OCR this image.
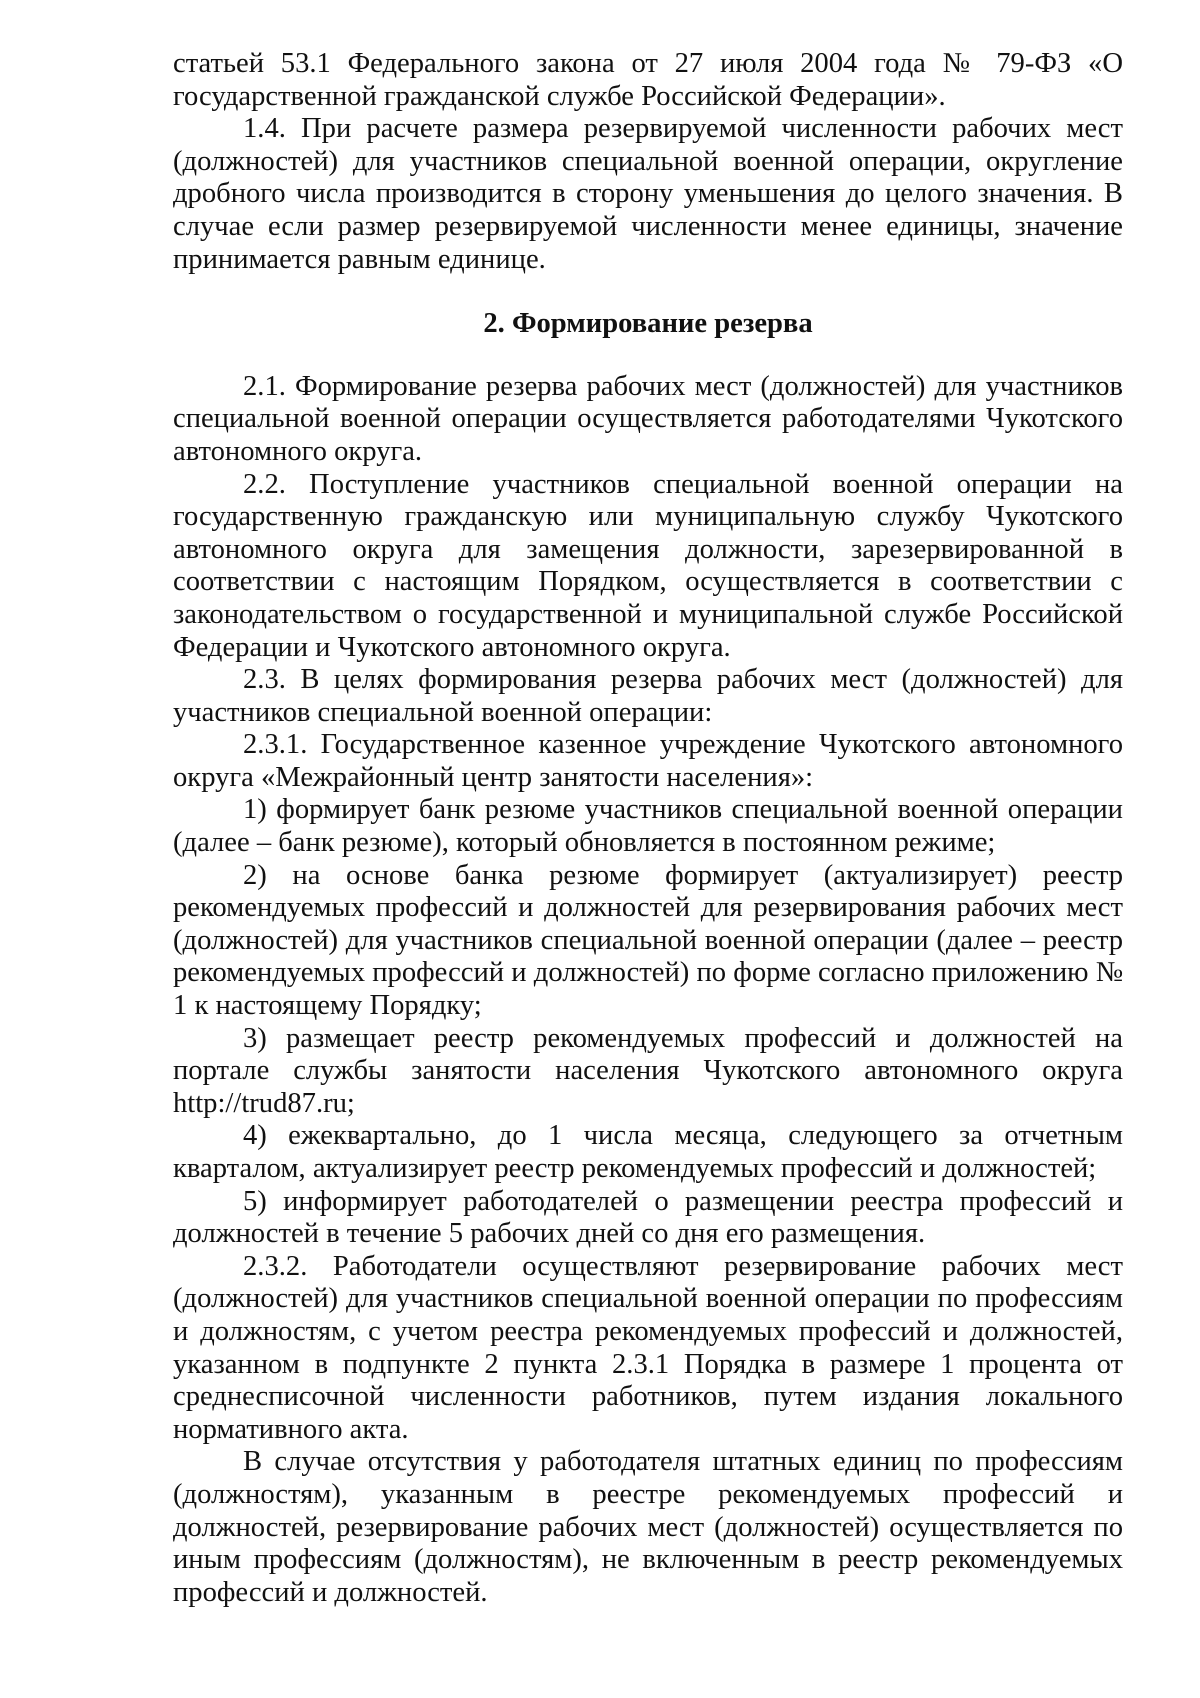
статьей 53.1 Федерального закона от 27 июля 2004 года № 79-ФЗ «О государственной гражданской службе Российской Федерации».

1.4. При расчете размера резервируемой численности рабочих мест (должностей) для участников специальной военной операции, округление дробного числа производится в сторону уменьшения до целого значения. В случае если размер резервируемой численности менее единицы, значение принимается равным единице.

2. Формирование резерва

2.1. Формирование резерва рабочих мест (должностей) для участников специальной военной операции осуществляется работодателями Чукотского автономного округа.

2.2. Поступление участников специальной военной операции на государственную гражданскую или муниципальную службу Чукотского автономного округа для замещения должности, зарезервированной в соответствии с настоящим Порядком, осуществляется в соответствии с законодательством о государственной и муниципальной службе Российской Федерации и Чукотского автономного округа.

2.3. В целях формирования резерва рабочих мест (должностей) для участников специальной военной операции:

2.3.1. Государственное казенное учреждение Чукотского автономного округа «Межрайонный центр занятости населения»:

1) формирует банк резюме участников специальной военной операции (далее – банк резюме), который обновляется в постоянном режиме;

2) на основе банка резюме формирует (актуализирует) реестр рекомендуемых профессий и должностей для резервирования рабочих мест (должностей) для участников специальной военной операции (далее – реестр рекомендуемых профессий и должностей) по форме согласно приложению № 1 к настоящему Порядку;

3) размещает реестр рекомендуемых профессий и должностей на портале службы занятости населения Чукотского автономного округа http://trud87.ru;

4) ежеквартально, до 1 числа месяца, следующего за отчетным кварталом, актуализирует реестр рекомендуемых профессий и должностей;

5) информирует работодателей о размещении реестра профессий и должностей в течение 5 рабочих дней со дня его размещения.

2.3.2. Работодатели осуществляют резервирование рабочих мест (должностей) для участников специальной военной операции по профессиям и должностям, с учетом реестра рекомендуемых профессий и должностей, указанном в подпункте 2 пункта 2.3.1 Порядка в размере 1 процента от среднесписочной численности работников, путем издания локального нормативного акта.

В случае отсутствия у работодателя штатных единиц по профессиям (должностям), указанным в реестре рекомендуемых профессий и должностей, резервирование рабочих мест (должностей) осуществляется по иным профессиям (должностям), не включенным в реестр рекомендуемых профессий и должностей.
